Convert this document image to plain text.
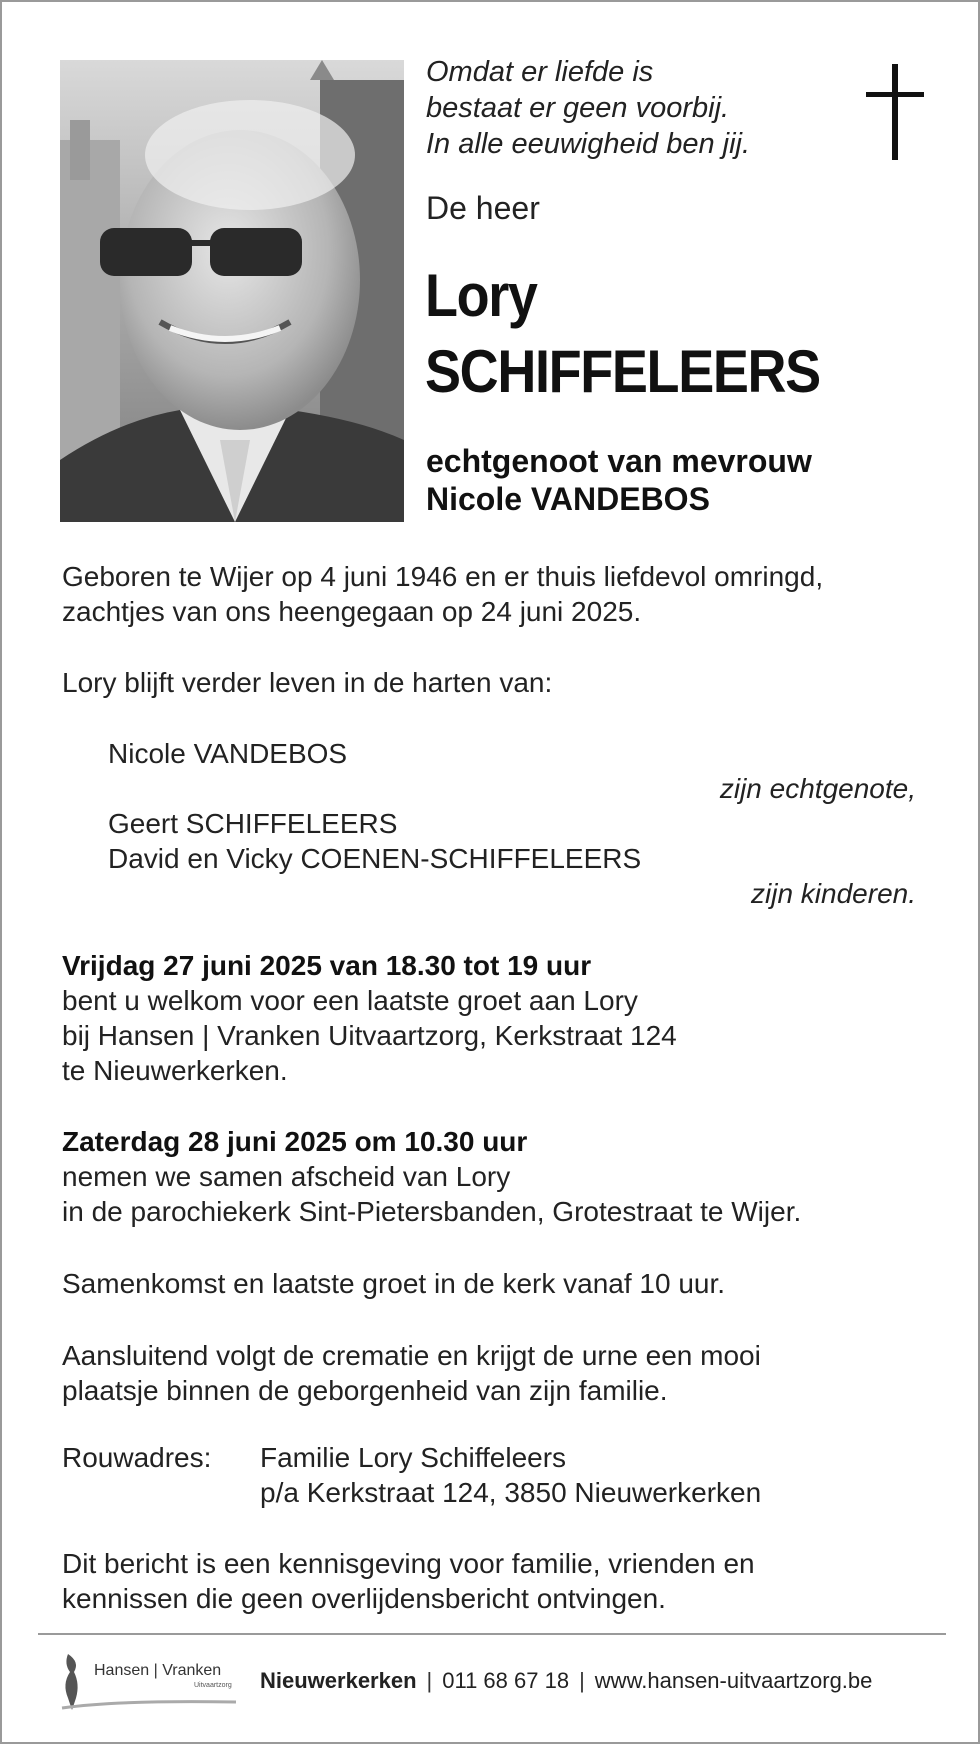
Omdat er liefde is
bestaat er geen voorbij.
In alle eeuwigheid ben jij.
De heer
Lory
SCHIFFELEERS
echtgenoot van mevrouw
Nicole VANDEBOS
Geboren te Wijer op 4 juni 1946 en er thuis liefdevol omringd,
zachtjes van ons heengegaan op 24 juni 2025.
Lory blijft verder leven in de harten van:
Nicole VANDEBOS
zijn echtgenote,
Geert SCHIFFELEERS
David en Vicky COENEN-SCHIFFELEERS
zijn kinderen.
Vrijdag 27 juni 2025 van 18.30 tot 19 uur
bent u welkom voor een laatste groet aan Lory
bij Hansen | Vranken Uitvaartzorg, Kerkstraat 124
te Nieuwerkerken.
Zaterdag 28 juni 2025 om 10.30 uur
nemen we samen afscheid van Lory
in de parochiekerk Sint-Pietersbanden, Grotestraat te Wijer.
Samenkomst en laatste groet in de kerk vanaf 10 uur.
Aansluitend volgt de crematie en krijgt de urne een mooi
plaatsje binnen de geborgenheid van zijn familie.
Rouwadres: Familie Lory Schiffeleers
p/a Kerkstraat 124, 3850 Nieuwerkerken
Dit bericht is een kennisgeving voor familie, vrienden en
kennissen die geen overlijdensbericht ontvingen.
Hansen | Vranken
Uitvaartzorg Nieuwerkerken | 011 68 67 18 | www.hansen-uitvaartzorg.be
